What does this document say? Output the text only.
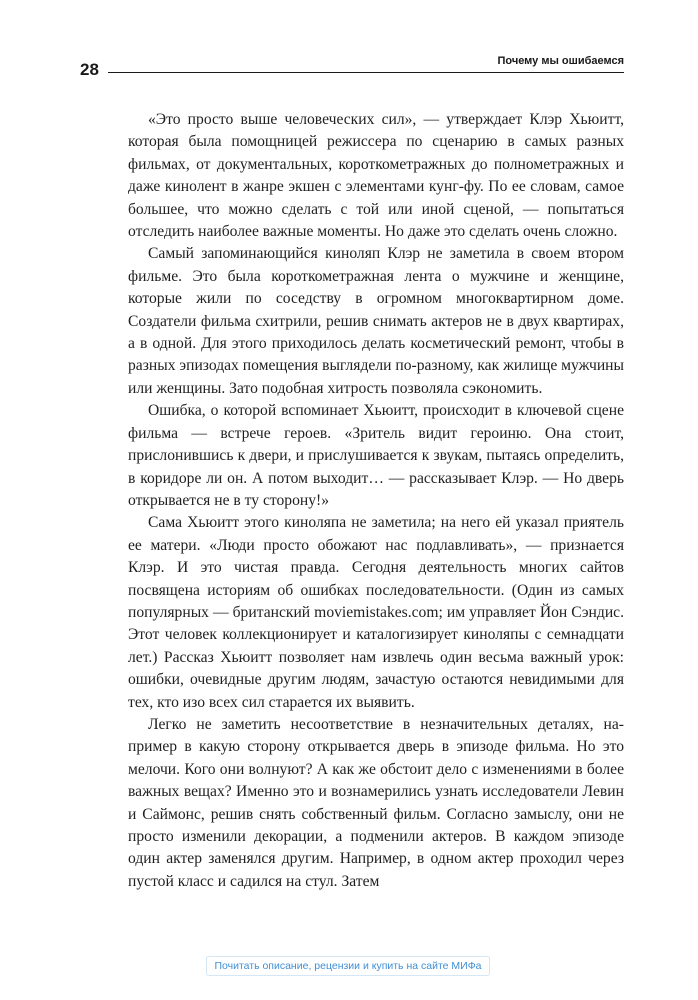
28	Почему мы ошибаемся

«Это просто выше человеческих сил», — утверждает Клэр Хьюитт, которая была помощницей режиссера по сценарию в самых разных фильмах, от документальных, короткометражных до полнометражных и даже кинолент в жанре экшен с элементами кунг-фу. По ее словам, самое большее, что можно сделать с той или иной сценой, — попытаться отследить наиболее важные моменты. Но даже это сделать очень сложно.

Самый запоминающийся киноляп Клэр не заметила в своем втором фильме. Это была короткометражная лента о мужчине и женщине, которые жили по соседству в огромном многоквартирном доме. Создатели фильма схитрили, решив снимать актеров не в двух квартирах, а в одной. Для этого приходилось делать косметический ремонт, чтобы в разных эпизодах помещения выглядели по-разному, как жилище мужчины или женщины. Зато подобная хитрость позволяла сэкономить.

Ошибка, о которой вспоминает Хьюитт, происходит в ключевой сцене фильма — встрече героев. «Зритель видит героиню. Она стоит, прислонившись к двери, и прислушивается к звукам, пытаясь определить, в коридоре ли он. А потом выходит… — рассказывает Клэр. — Но дверь открывается не в ту сторону!»

Сама Хьюитт этого киноляпа не заметила; на него ей указал приятель ее матери. «Люди просто обожают нас подлавливать», — признается Клэр. И это чистая правда. Сегодня деятельность многих сайтов посвящена историям об ошибках последовательности. (Один из самых популярных — британский moviemistakes.com; им управляет Йон Сэндис. Этот человек коллекционирует и каталогизирует киноляпы с семнадцати лет.) Рассказ Хьюитт позволяет нам извлечь один весьма важный урок: ошибки, очевидные другим людям, зачастую остаются невидимыми для тех, кто изо всех сил старается их выявить.

Легко не заметить несоответствие в незначительных деталях, например в какую сторону открывается дверь в эпизоде фильма. Но это мелочи. Кого они волнуют? А как же обстоит дело с изменениями в более важных вещах? Именно это и вознамерились узнать исследователи Левин и Саймонс, решив снять собственный фильм. Согласно замыслу, они не просто изменили декорации, а подменили актеров. В каждом эпизоде один актер заменялся другим. Например, в одном актер проходил через пустой класс и садился на стул. Затем

Почитать описание, рецензии и купить на сайте МИФа
